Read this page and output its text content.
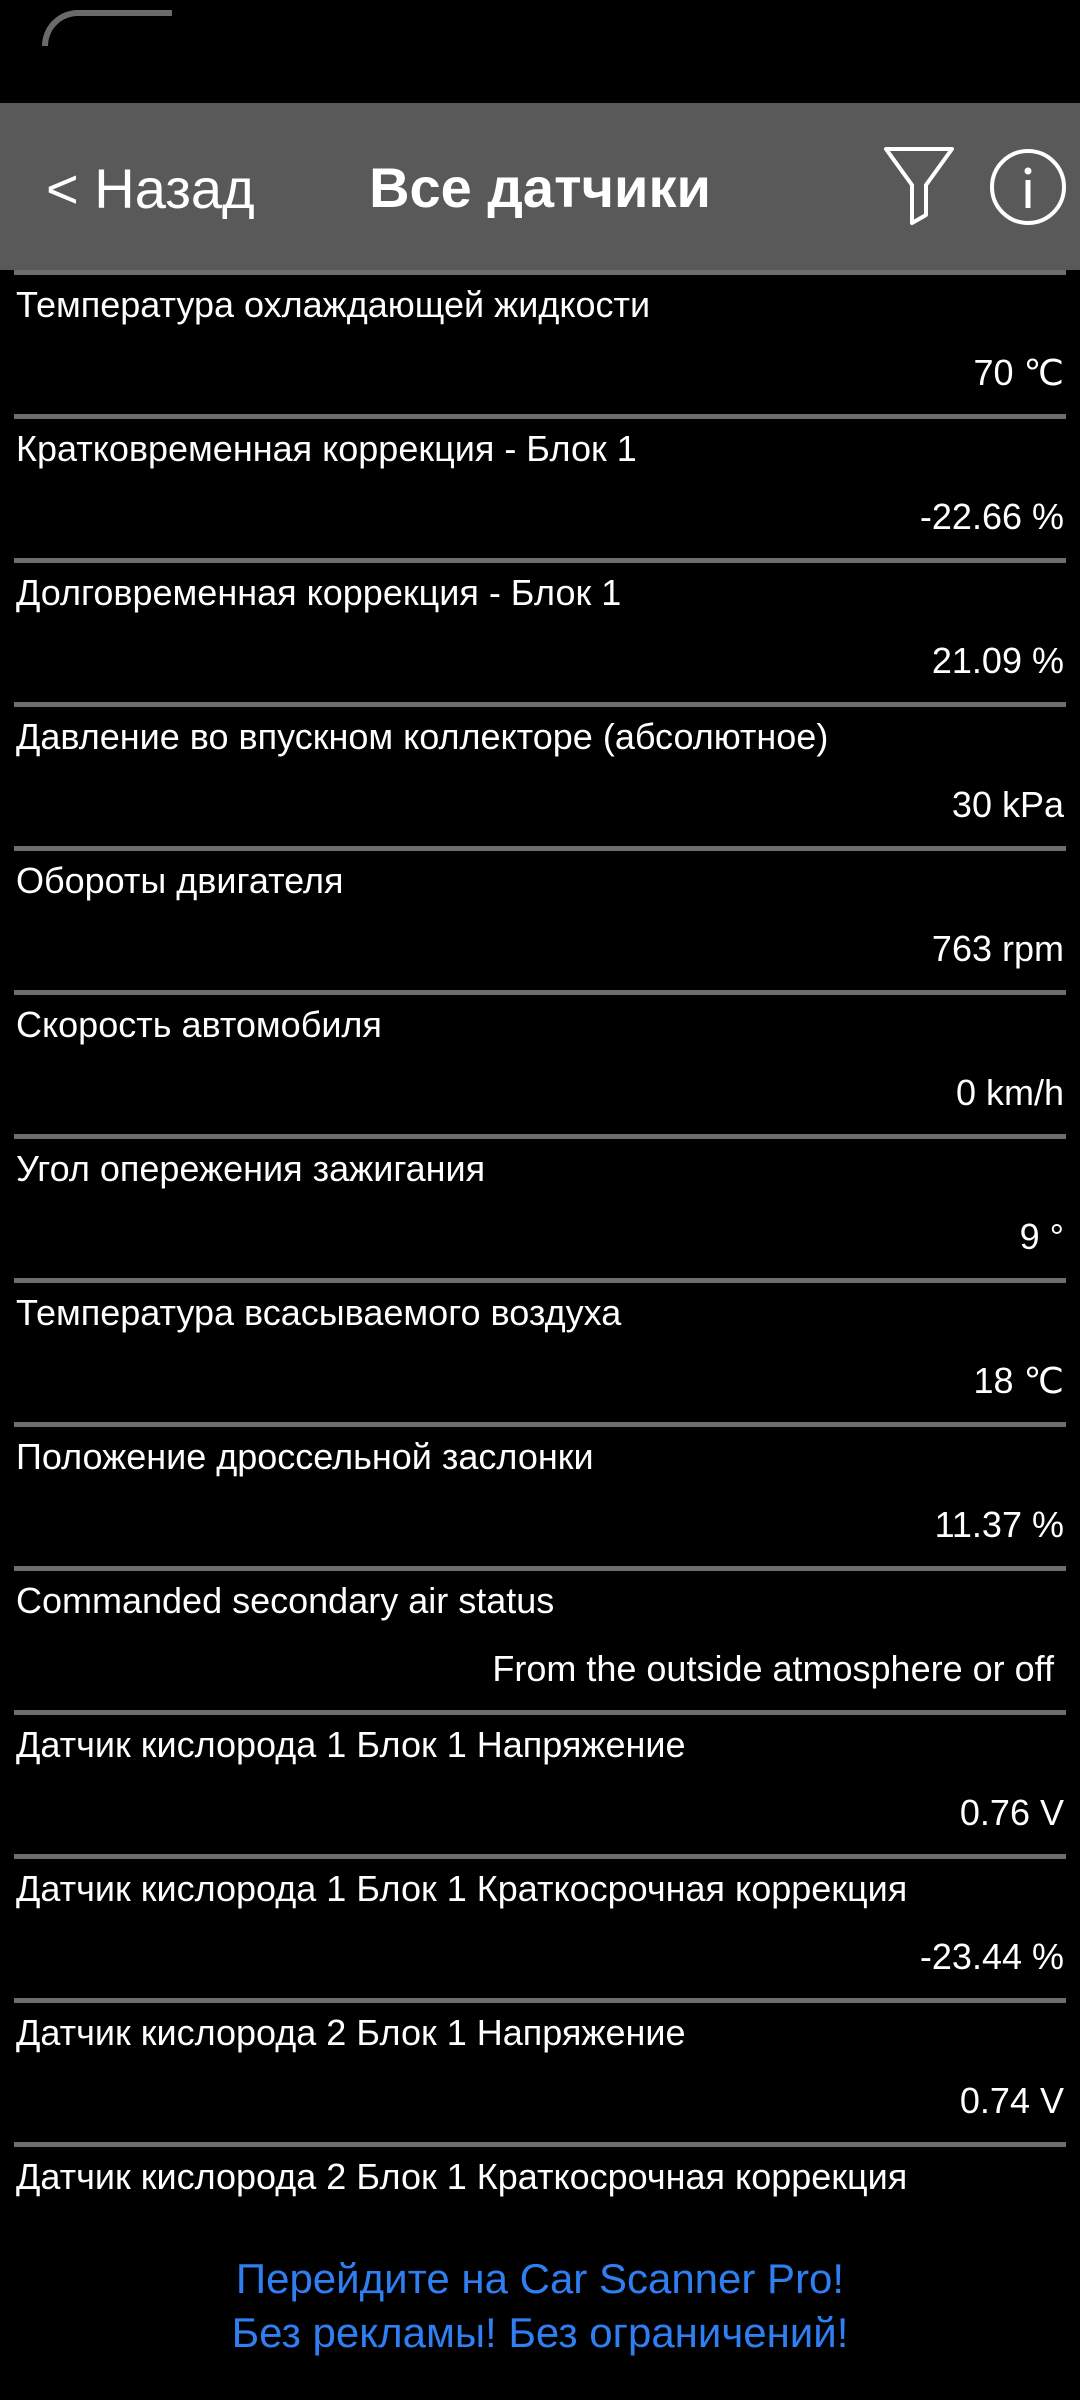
< Назад	Все датчики
Температура охлаждающей жидкости
70 ℃
Кратковременная коррекция - Блок 1
-22.66 %
Долговременная коррекция - Блок 1
21.09 %
Давление во впускном коллекторе (абсолютное)
30 kPa
Обороты двигателя
763 rpm
Скорость автомобиля
0 km/h
Угол опережения зажигания
9 °
Температура всасываемого воздуха
18 ℃
Положение дроссельной заслонки
11.37 %
Commanded secondary air status
From the outside atmosphere or off
Датчик кислорода 1 Блок 1 Напряжение
0.76 V
Датчик кислорода 1 Блок 1 Краткосрочная коррекция
-23.44 %
Датчик кислорода 2 Блок 1 Напряжение
0.74 V
Датчик кислорода 2 Блок 1 Краткосрочная коррекция
Перейдите на Car Scanner Pro!
Без рекламы! Без ограничений!
